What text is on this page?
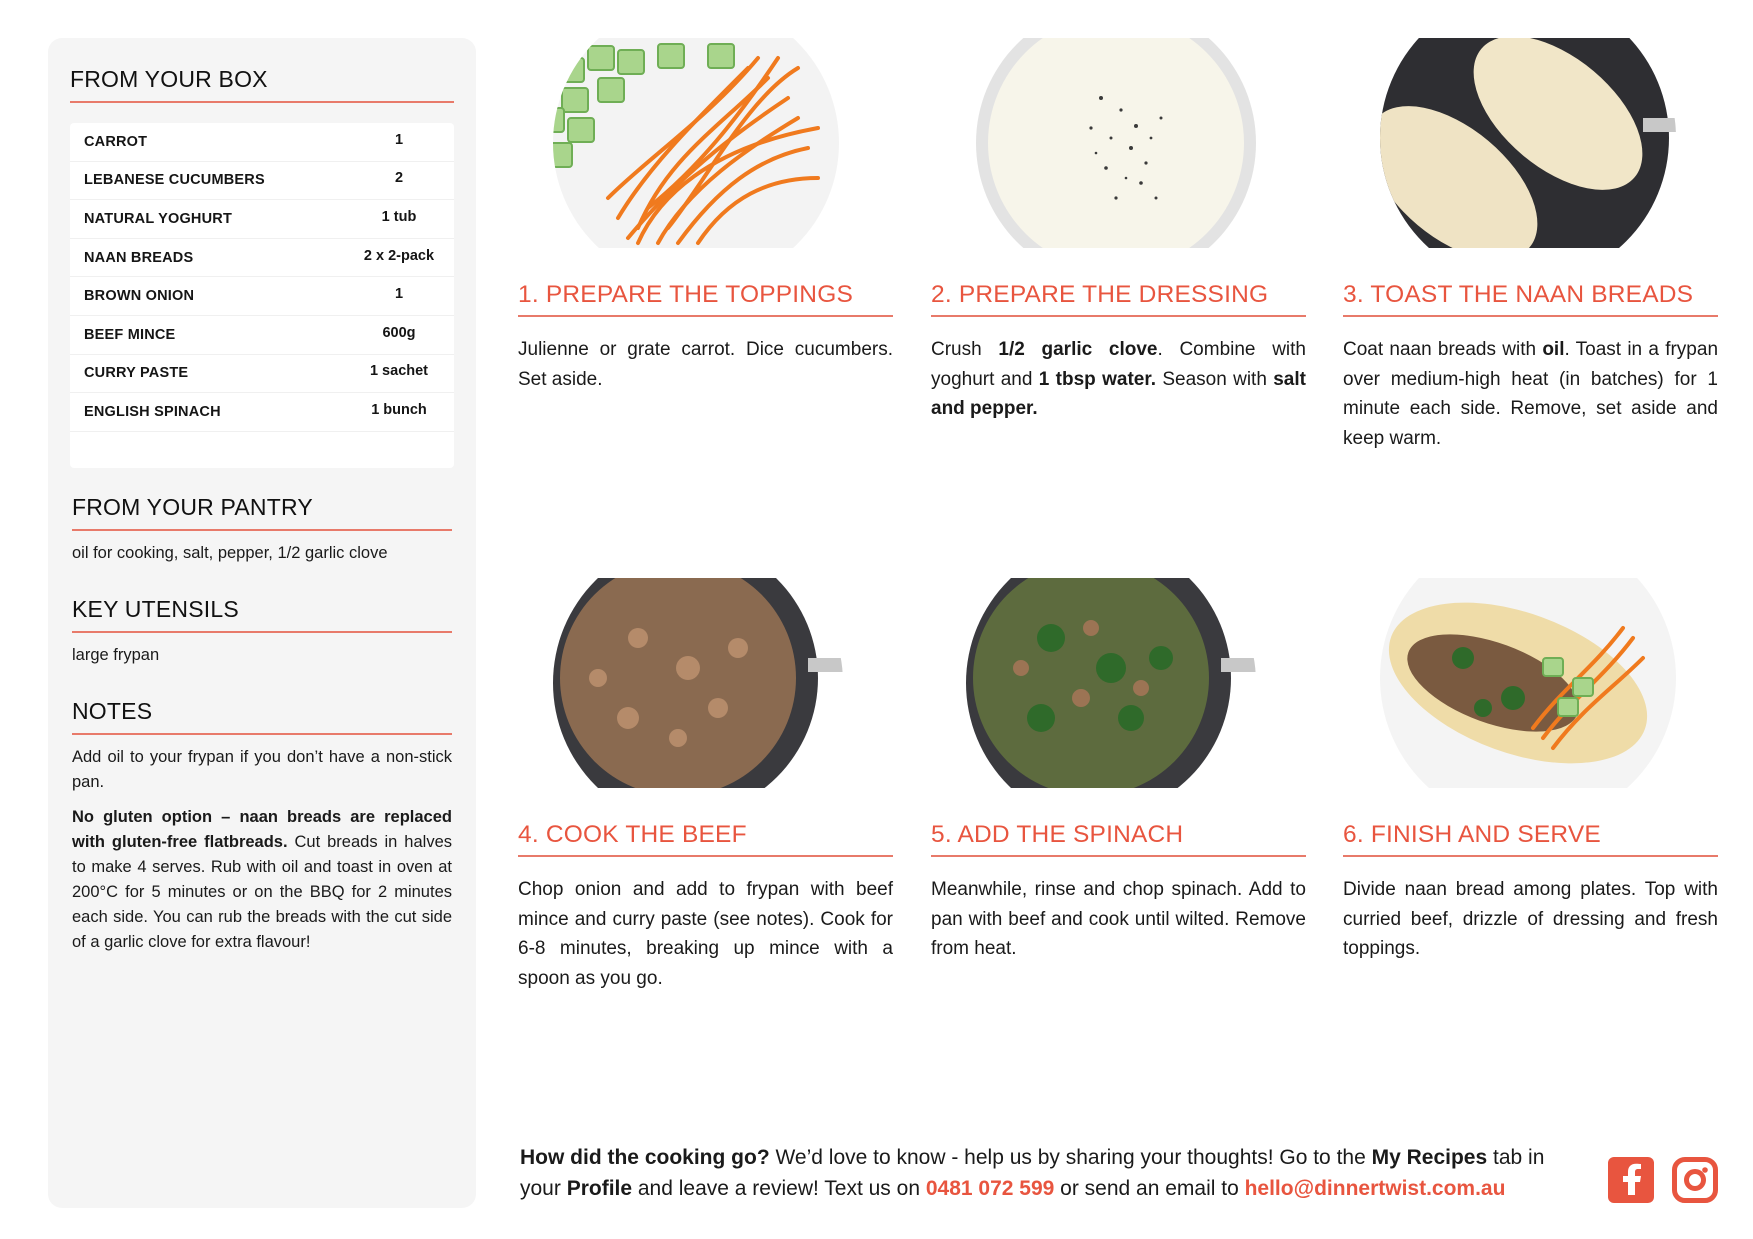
FROM YOUR BOX
CARROT	1
LEBANESE CUCUMBERS	2
NATURAL YOGHURT	1 tub
NAAN BREADS	2 x 2-pack
BROWN ONION	1
BEEF MINCE	600g
CURRY PASTE	1 sachet
ENGLISH SPINACH	1 bunch
FROM YOUR PANTRY
oil for cooking, salt, pepper, 1/2 garlic clove
KEY UTENSILS
large frypan
NOTES

Add oil to your frypan if you don’t have a non-stick pan.

No gluten option – naan breads are replaced with gluten-free flatbreads. Cut breads in halves to make 4 serves. Rub with oil and toast in oven at 200°C for 5 minutes or on the BBQ for 2 minutes each side. You can rub the breads with the cut side of a garlic clove for extra flavour!

1. PREPARE THE TOPPINGS
Julienne or grate carrot. Dice cucumbers. Set aside.
2. PREPARE THE DRESSING
Crush 1/2 garlic clove. Combine with yoghurt and 1 tbsp water. Season with salt and pepper.
3. TOAST THE NAAN BREADS
Coat naan breads with oil. Toast in a frypan over medium-high heat (in batches) for 1 minute each side. Remove, set aside and keep warm.
4. COOK THE BEEF
Chop onion and add to frypan with beef mince and curry paste (see notes). Cook for 6-8 minutes, breaking up mince with a spoon as you go.
5. ADD THE SPINACH
Meanwhile, rinse and chop spinach. Add to pan with beef and cook until wilted. Remove from heat.
6. FINISH AND SERVE
Divide naan bread among plates. Top with curried beef, drizzle of dressing and fresh toppings.
How did the cooking go? We’d love to know - help us by sharing your thoughts! Go to the My Recipes tab in your Profile and leave a review! Text us on 0481 072 599 or send an email to hello@dinnertwist.com.au
